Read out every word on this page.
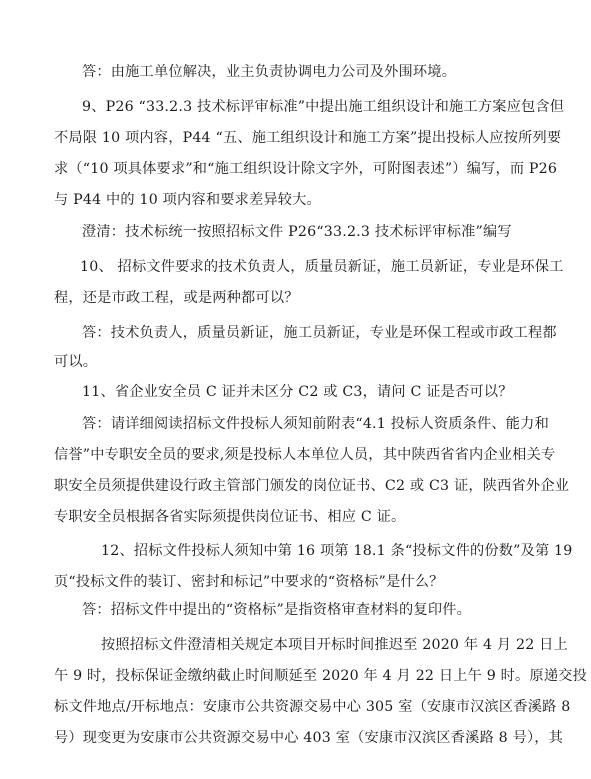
答：由施工单位解决，业主负责协调电力公司及外围环境。
9、P26 “33.2.3 技术标评审标准”中提出施工组织设计和施工方案应包含但
不局限 10 项内容，P44 “五、施工组织设计和施工方案”提出投标人应按所列要
求（“10 项具体要求”和“施工组织设计除文字外，可附图表述”）编写，而 P26
与 P44 中的 10 项内容和要求差异较大。
澄清：技术标统一按照招标文件 P26“33.2.3 技术标评审标准”编写
10、 招标文件要求的技术负责人，质量员新证，施工员新证，专业是环保工
程，还是市政工程，或是两种都可以？
答：技术负责人，质量员新证，施工员新证，专业是环保工程或市政工程都
可以。
11、省企业安全员 C 证并未区分 C2 或 C3，请问 C 证是否可以？
答：请详细阅读招标文件投标人须知前附表“4.1 投标人资质条件、能力和
信誉”中专职安全员的要求,须是投标人本单位人员，其中陕西省省内企业相关专
职安全员须提供建设行政主管部门颁发的岗位证书、C2 或 C3 证，陕西省外企业
专职安全员根据各省实际须提供岗位证书、相应 C 证。
12、招标文件投标人须知中第 16 项第 18.1 条“投标文件的份数”及第 19
页“投标文件的装订、密封和标记”中要求的“资格标”是什么？
答：招标文件中提出的“资格标”是指资格审查材料的复印件。
按照招标文件澄清相关规定本项目开标时间推迟至 2020 年 4 月 22 日上
午 9 时，投标保证金缴纳截止时间顺延至 2020 年 4 月 22 日上午 9 时。原递交投
标文件地点/开标地点：安康市公共资源交易中心 305 室（安康市汉滨区香溪路 8
号）现变更为安康市公共资源交易中心 403 室（安康市汉滨区香溪路 8 号），其
